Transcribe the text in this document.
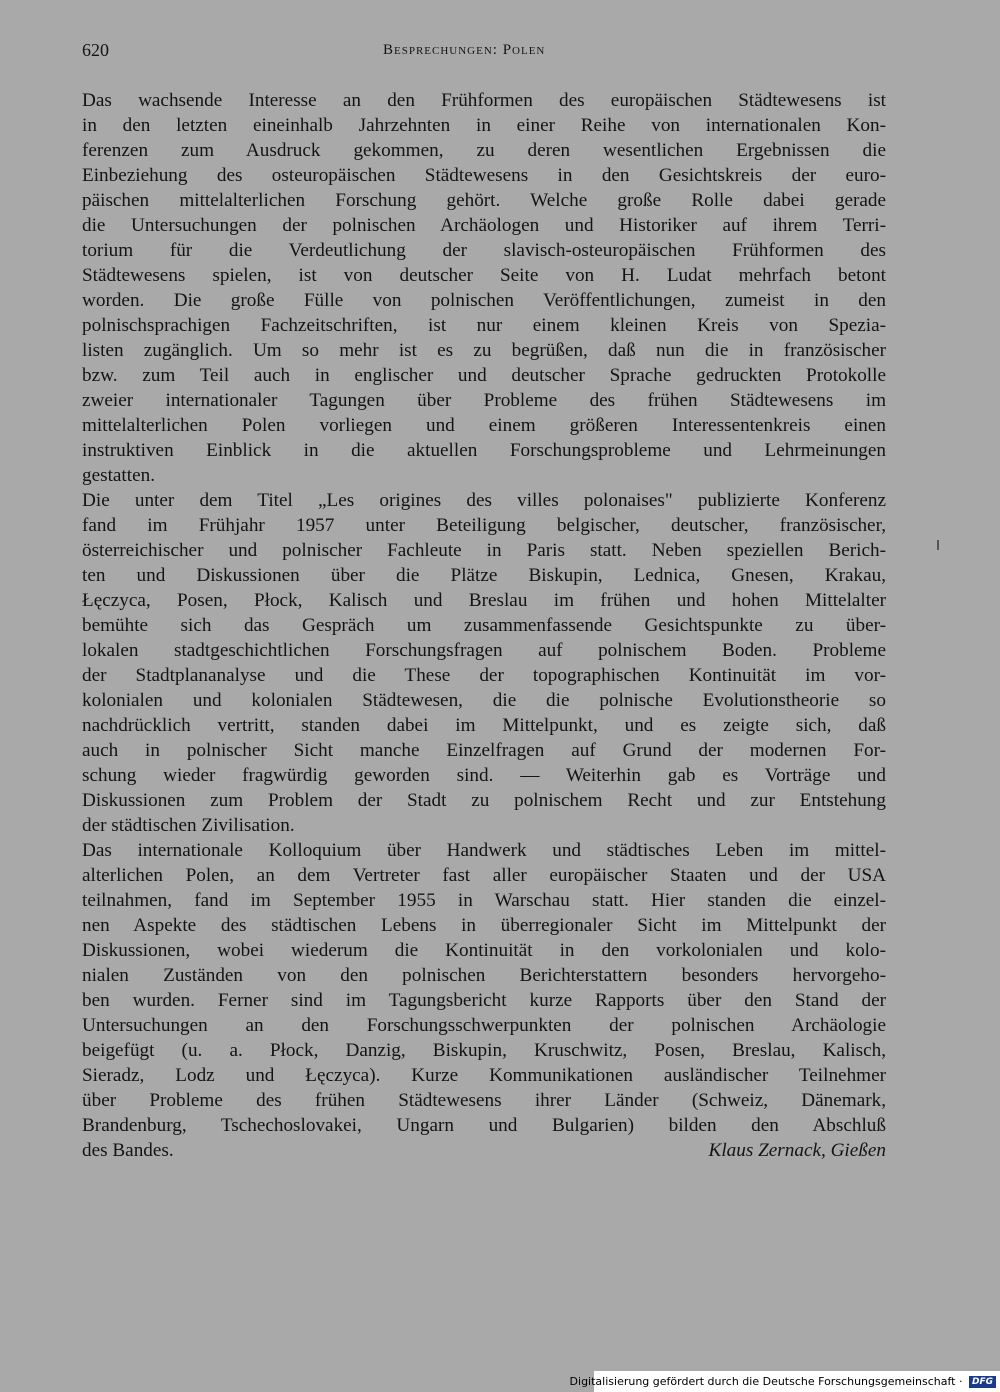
620	Besprechungen: Polen
Das wachsende Interesse an den Frühformen des europäischen Städtewesens ist
in den letzten eineinhalb Jahrzehnten in einer Reihe von internationalen Kon-
ferenzen zum Ausdruck gekommen, zu deren wesentlichen Ergebnissen die
Einbeziehung des osteuropäischen Städtewesens in den Gesichtskreis der euro-
päischen mittelalterlichen Forschung gehört. Welche große Rolle dabei gerade
die Untersuchungen der polnischen Archäologen und Historiker auf ihrem Terri-
torium für die Verdeutlichung der slavisch-osteuropäischen Frühformen des
Städtewesens spielen, ist von deutscher Seite von H. Ludat mehrfach betont
worden. Die große Fülle von polnischen Veröffentlichungen, zumeist in den
polnischsprachigen Fachzeitschriften, ist nur einem kleinen Kreis von Spezia-
listen zugänglich. Um so mehr ist es zu begrüßen, daß nun die in französischer
bzw. zum Teil auch in englischer und deutscher Sprache gedruckten Protokolle
zweier internationaler Tagungen über Probleme des frühen Städtewesens im
mittelalterlichen Polen vorliegen und einem größeren Interessentenkreis einen
instruktiven Einblick in die aktuellen Forschungsprobleme und Lehrmeinungen
gestatten.
Die unter dem Titel „Les origines des villes polonaises" publizierte Konferenz
fand im Frühjahr 1957 unter Beteiligung belgischer, deutscher, französischer,
österreichischer und polnischer Fachleute in Paris statt. Neben speziellen Berich-
ten und Diskussionen über die Plätze Biskupin, Lednica, Gnesen, Krakau,
Łęczyca, Posen, Płock, Kalisch und Breslau im frühen und hohen Mittelalter
bemühte sich das Gespräch um zusammenfassende Gesichtspunkte zu über-
lokalen stadtgeschichtlichen Forschungsfragen auf polnischem Boden. Probleme
der Stadtplananalyse und die These der topographischen Kontinuität im vor-
kolonialen und kolonialen Städtewesen, die die polnische Evolutionstheorie so
nachdrücklich vertritt, standen dabei im Mittelpunkt, und es zeigte sich, daß
auch in polnischer Sicht manche Einzelfragen auf Grund der modernen For-
schung wieder fragwürdig geworden sind. — Weiterhin gab es Vorträge und
Diskussionen zum Problem der Stadt zu polnischem Recht und zur Entstehung
der städtischen Zivilisation.
Das internationale Kolloquium über Handwerk und städtisches Leben im mittel-
alterlichen Polen, an dem Vertreter fast aller europäischer Staaten und der USA
teilnahmen, fand im September 1955 in Warschau statt. Hier standen die einzel-
nen Aspekte des städtischen Lebens in überregionaler Sicht im Mittelpunkt der
Diskussionen, wobei wiederum die Kontinuität in den vorkolonialen und kolo-
nialen Zuständen von den polnischen Berichterstattern besonders hervorgeho-
ben wurden. Ferner sind im Tagungsbericht kurze Rapports über den Stand der
Untersuchungen an den Forschungsschwerpunkten der polnischen Archäologie
beigefügt (u. a. Płock, Danzig, Biskupin, Kruschwitz, Posen, Breslau, Kalisch,
Sieradz, Lodz und Łęczyca). Kurze Kommunikationen ausländischer Teilnehmer
über Probleme des frühen Städtewesens ihrer Länder (Schweiz, Dänemark,
Brandenburg, Tschechoslovakei, Ungarn und Bulgarien) bilden den Abschluß
des Bandes.	Klaus Zernack, Gießen
Digitalisierung gefördert durch die Deutsche Forschungsgemeinschaft · DFG
